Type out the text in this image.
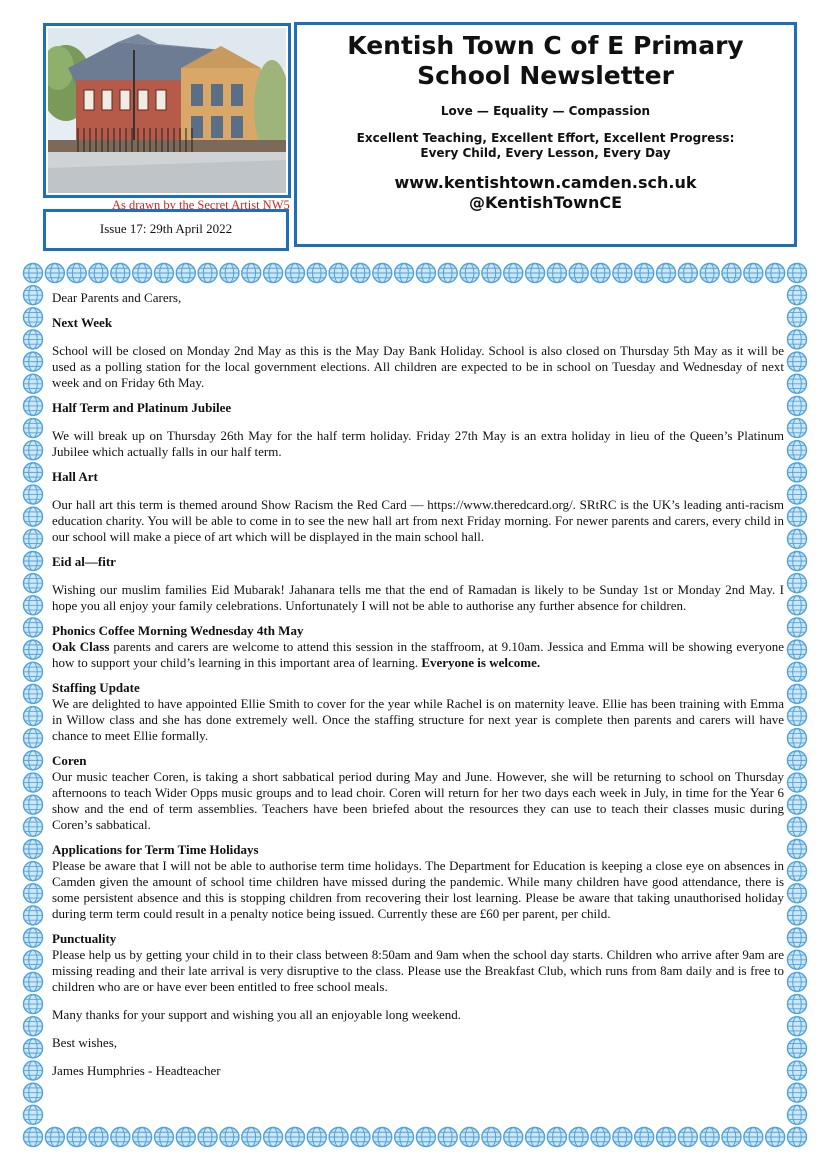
As drawn by the Secret Artist NW5
Issue 17: 29th April 2022
Kentish Town C of E Primary
School Newsletter
Love — Equality — Compassion
Excellent Teaching, Excellent Effort, Excellent Progress:
Every Child, Every Lesson, Every Day
www.kentishtown.camden.sch.uk
@KentishTownCE

Dear Parents and Carers,

Next Week

School will be closed on Monday 2nd May as this is the May Day Bank Holiday. School is also closed on Thursday 5th May as it will be used as a polling station for the local government elections. All children are expected to be in school on Tuesday and Wednesday of next week and on Friday 6th May.

Half Term and Platinum Jubilee

We will break up on Thursday 26th May for the half term holiday. Friday 27th May is an extra holiday in lieu of the Queen’s Platinum Jubilee which actually falls in our half term.

Hall Art

Our hall art this term is themed around Show Racism the Red Card — https://www.theredcard.org/. SRtRC is the UK’s leading anti-racism education charity. You will be able to come in to see the new hall art from next Friday morning. For newer parents and carers, every child in our school will make a piece of art which will be displayed in the main school hall.

Eid al—fitr

Wishing our muslim families Eid Mubarak! Jahanara tells me that the end of Ramadan is likely to be Sunday 1st or Monday 2nd May. I hope you all enjoy your family celebrations. Unfortunately I will not be able to authorise any further absence for children.

Phonics Coffee Morning Wednesday 4th May

Oak Class parents and carers are welcome to attend this session in the staffroom, at 9.10am. Jessica and Emma will be showing everyone how to support your child’s learning in this important area of learning. Everyone is welcome.

Staffing Update

We are delighted to have appointed Ellie Smith to cover for the year while Rachel is on maternity leave. Ellie has been training with Emma in Willow class and she has done extremely well. Once the staffing structure for next year is complete then parents and carers will have chance to meet Ellie formally.

Coren

Our music teacher Coren, is taking a short sabbatical period during May and June. However, she will be returning to school on Thursday afternoons to teach Wider Opps music groups and to lead choir. Coren will return for her two days each week in July, in time for the Year 6 show and the end of term assemblies. Teachers have been briefed about the resources they can use to teach their classes music during Coren’s sabbatical.

Applications for Term Time Holidays

Please be aware that I will not be able to authorise term time holidays. The Department for Education is keeping a close eye on absences in Camden given the amount of school time children have missed during the pandemic. While many children have good attendance, there is some persistent absence and this is stopping children from recovering their lost learning. Please be aware that taking unauthorised holiday during term term could result in a penalty notice being issued. Currently these are £60 per parent, per child.

Punctuality

Please help us by getting your child in to their class between 8:50am and 9am when the school day starts. Children who arrive after 9am are missing reading and their late arrival is very disruptive to the class. Please use the Breakfast Club, which runs from 8am daily and is free to children who are or have ever been entitled to free school meals.

Many thanks for your support and wishing you all an enjoyable long weekend.

Best wishes,

James Humphries - Headteacher
